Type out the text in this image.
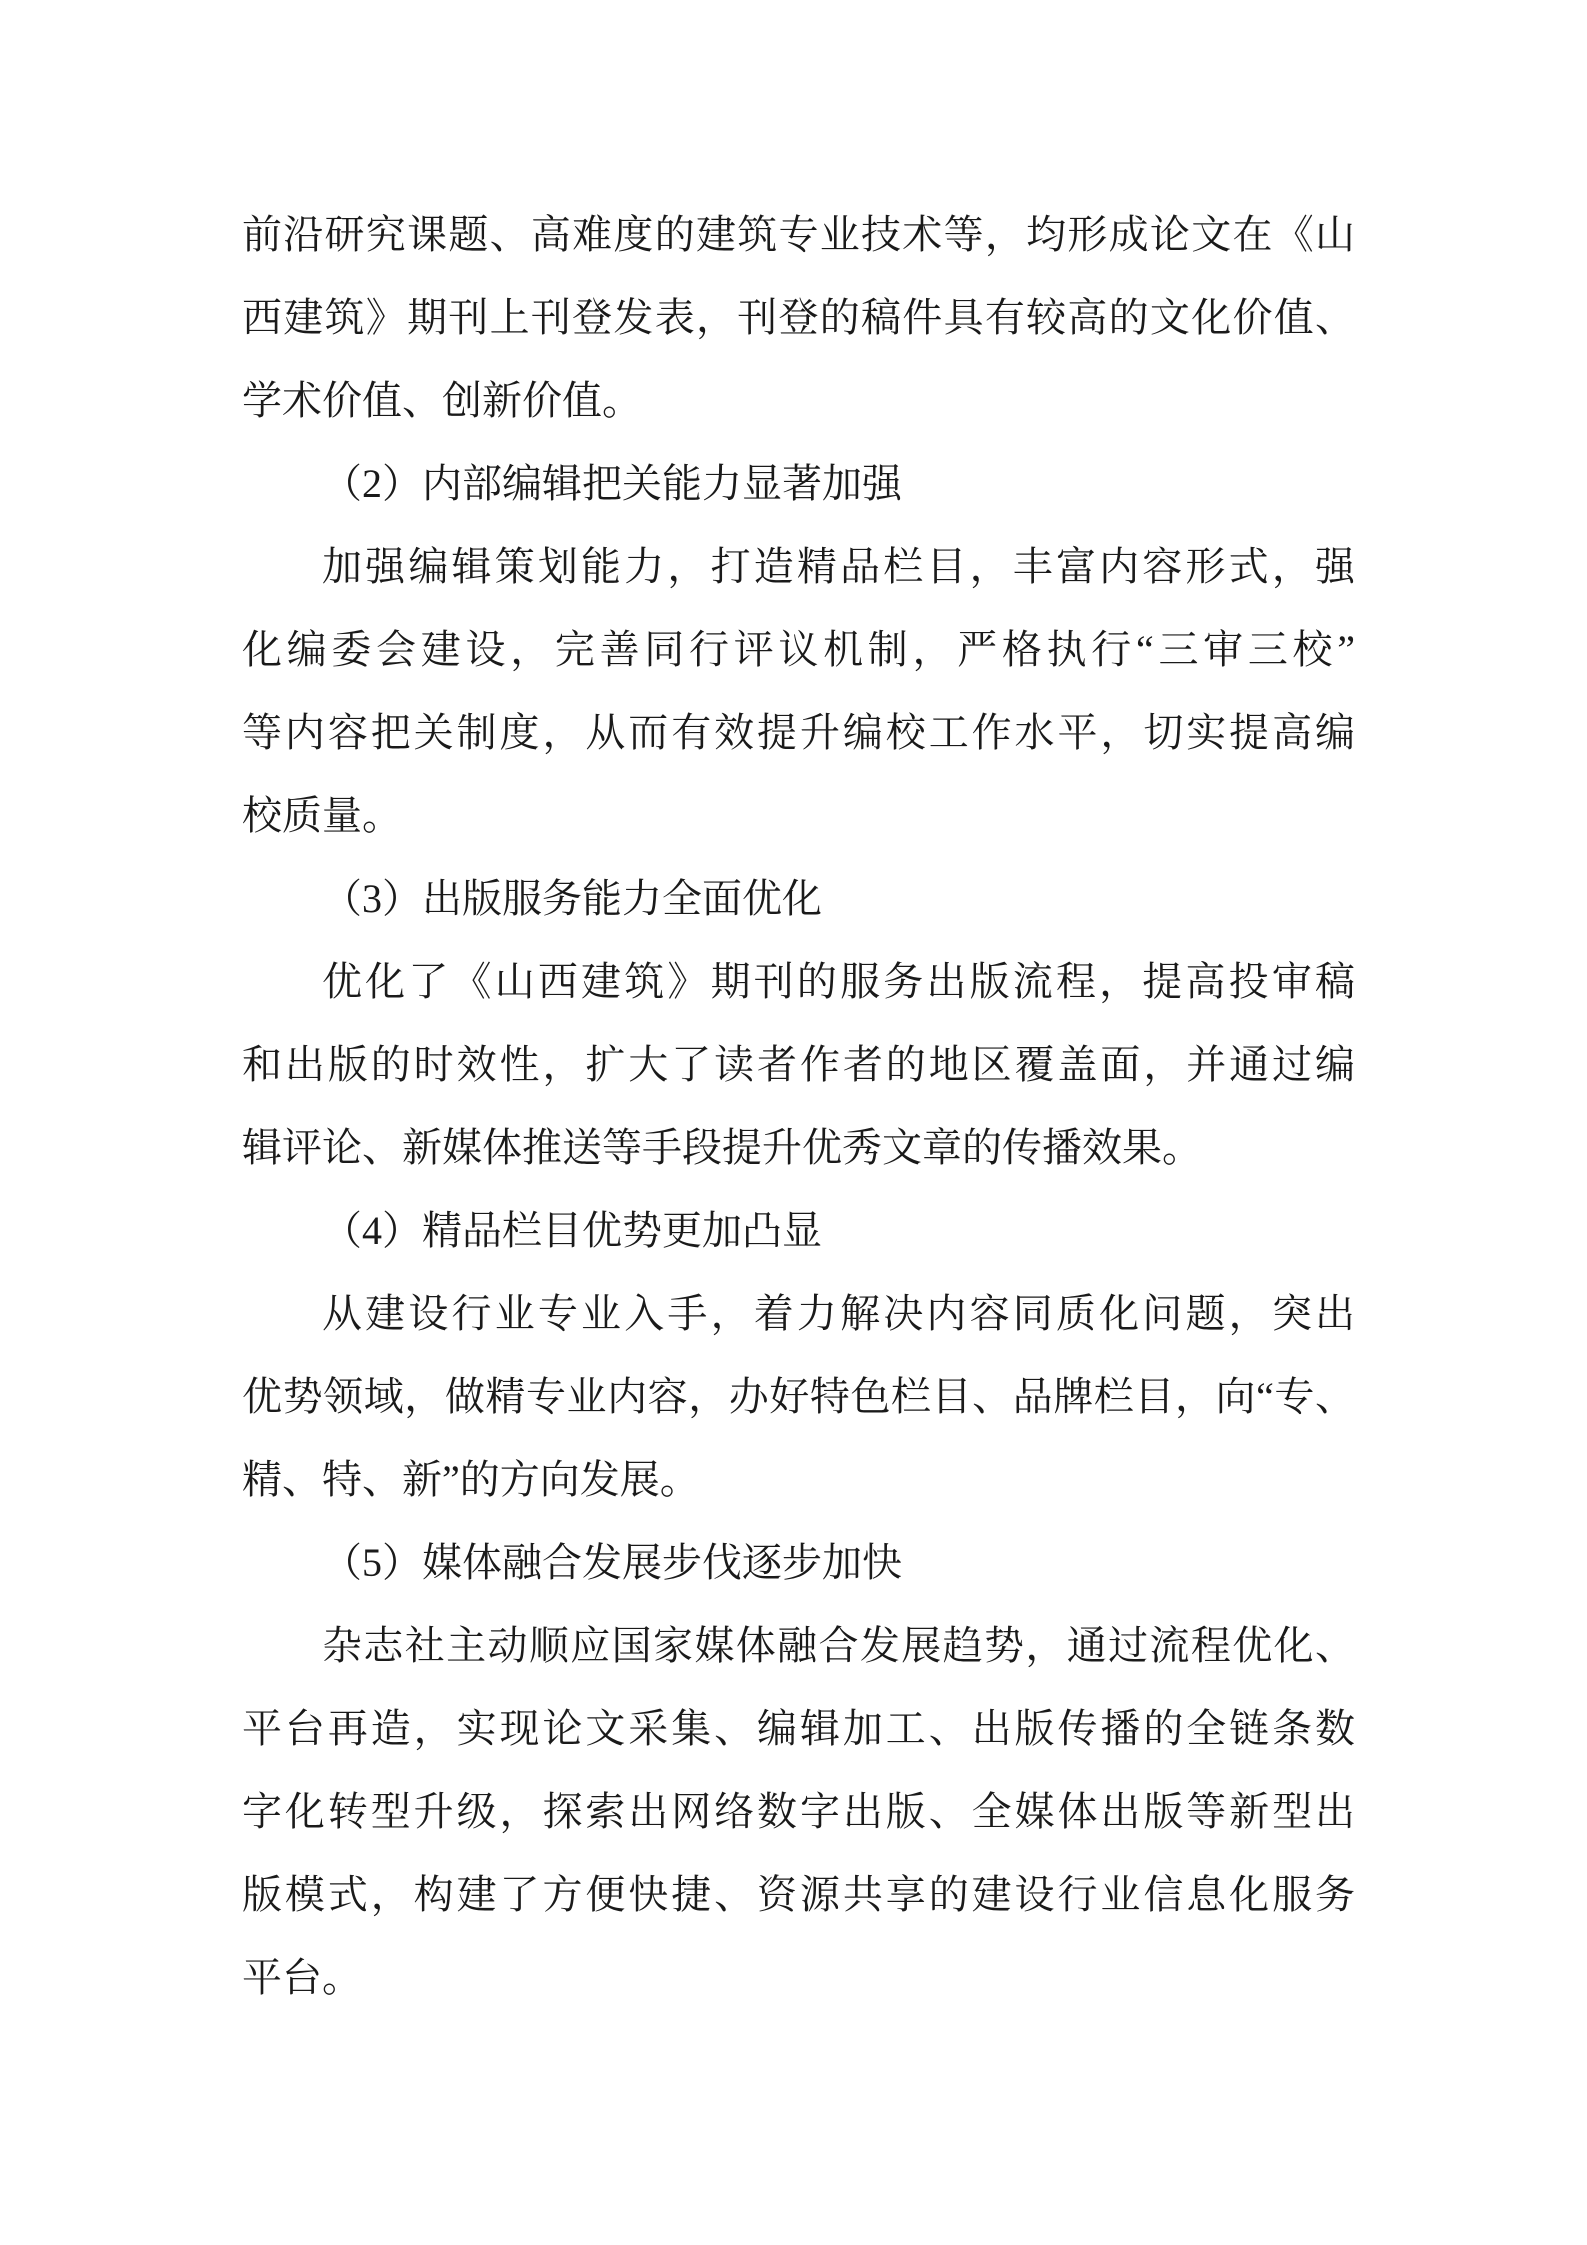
前沿研究课题、高难度的建筑专业技术等，均形成论文在《山
西建筑》期刊上刊登发表，刊登的稿件具有较高的文化价值、
学术价值、创新价值。
（2）内部编辑把关能力显著加强
加强编辑策划能力，打造精品栏目，丰富内容形式，强
化编委会建设，完善同行评议机制，严格执行“三审三校”
等内容把关制度，从而有效提升编校工作水平，切实提高编
校质量。
（3）出版服务能力全面优化
优化了《山西建筑》期刊的服务出版流程，提高投审稿
和出版的时效性，扩大了读者作者的地区覆盖面，并通过编
辑评论、新媒体推送等手段提升优秀文章的传播效果。
（4）精品栏目优势更加凸显
从建设行业专业入手，着力解决内容同质化问题，突出
优势领域，做精专业内容，办好特色栏目、品牌栏目，向“专、
精、特、新”的方向发展。
（5）媒体融合发展步伐逐步加快
杂志社主动顺应国家媒体融合发展趋势，通过流程优化、
平台再造，实现论文采集、编辑加工、出版传播的全链条数
字化转型升级，探索出网络数字出版、全媒体出版等新型出
版模式，构建了方便快捷、资源共享的建设行业信息化服务
平台。
